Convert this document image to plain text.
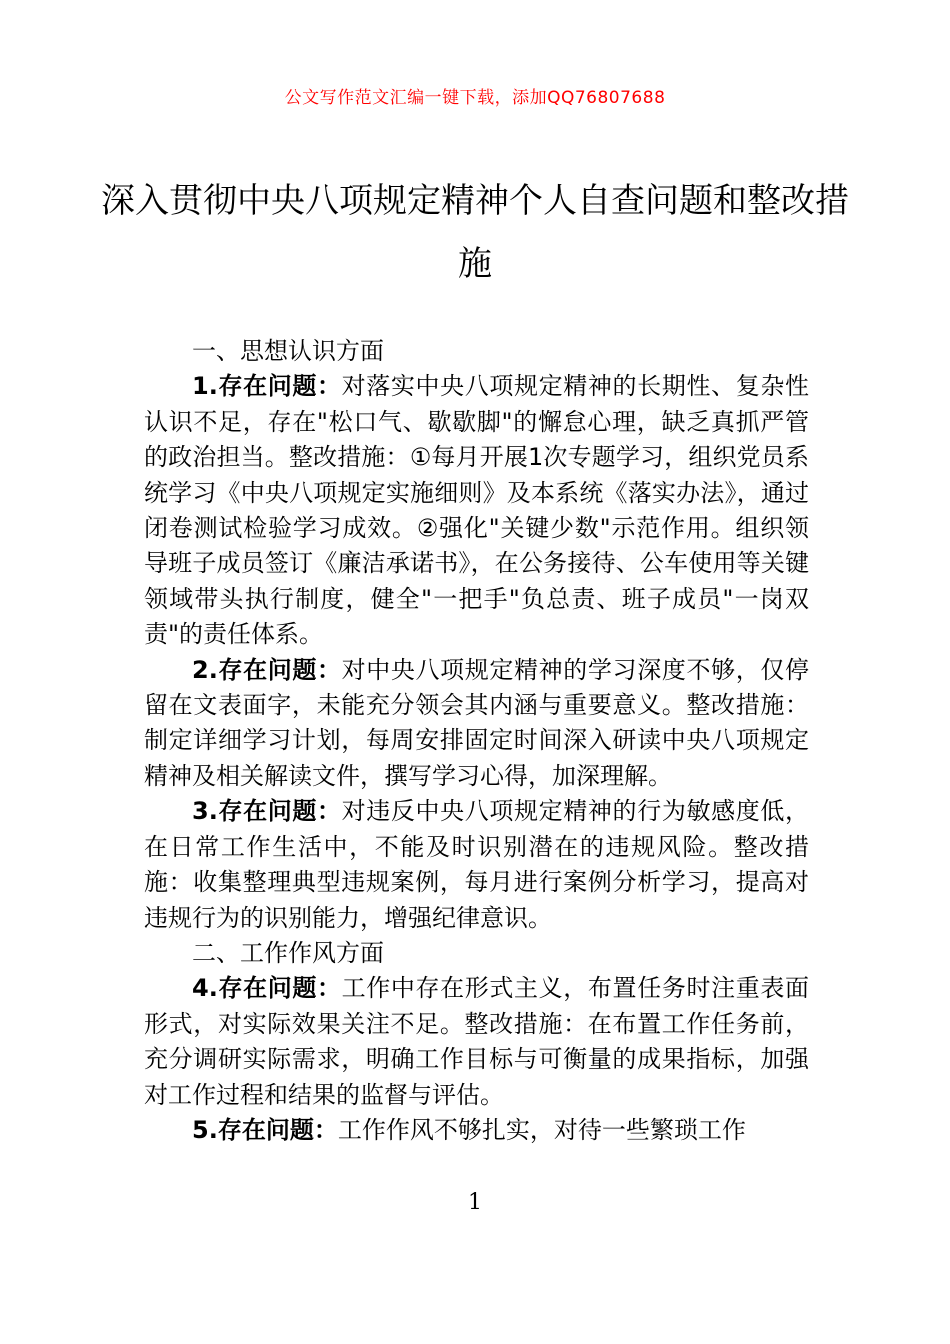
公文写作范文汇编一键下载，添加QQ76807688
深入贯彻中央八项规定精神个人自查问题和整改措施

一、思想认识方面

1.存在问题：对落实中央八项规定精神的长期性、复杂性认识不足，存在"松口气、歇歇脚"的懈怠心理，缺乏真抓严管的政治担当。整改措施：①每月开展1次专题学习，组织党员系统学习《中央八项规定实施细则》及本系统《落实办法》，通过闭卷测试检验学习成效。②强化"关键少数"示范作用。组织领导班子成员签订《廉洁承诺书》，在公务接待、公车使用等关键领域带头执行制度，健全"一把手"负总责、班子成员"一岗双责"的责任体系。

2.存在问题：对中央八项规定精神的学习深度不够，仅停留在文表面字，未能充分领会其内涵与重要意义。整改措施：制定详细学习计划，每周安排固定时间深入研读中央八项规定精神及相关解读文件，撰写学习心得，加深理解。

3.存在问题：对违反中央八项规定精神的行为敏感度低，在日常工作生活中，不能及时识别潜在的违规风险。整改措施：收集整理典型违规案例，每月进行案例分析学习，提高对违规行为的识别能力，增强纪律意识。

二、工作作风方面

4.存在问题：工作中存在形式主义，布置任务时注重表面形式，对实际效果关注不足。整改措施：在布置工作任务前，充分调研实际需求，明确工作目标与可衡量的成果指标，加强对工作过程和结果的监督与评估。

5.存在问题：工作作风不够扎实，对待一些繁琐工作

1
